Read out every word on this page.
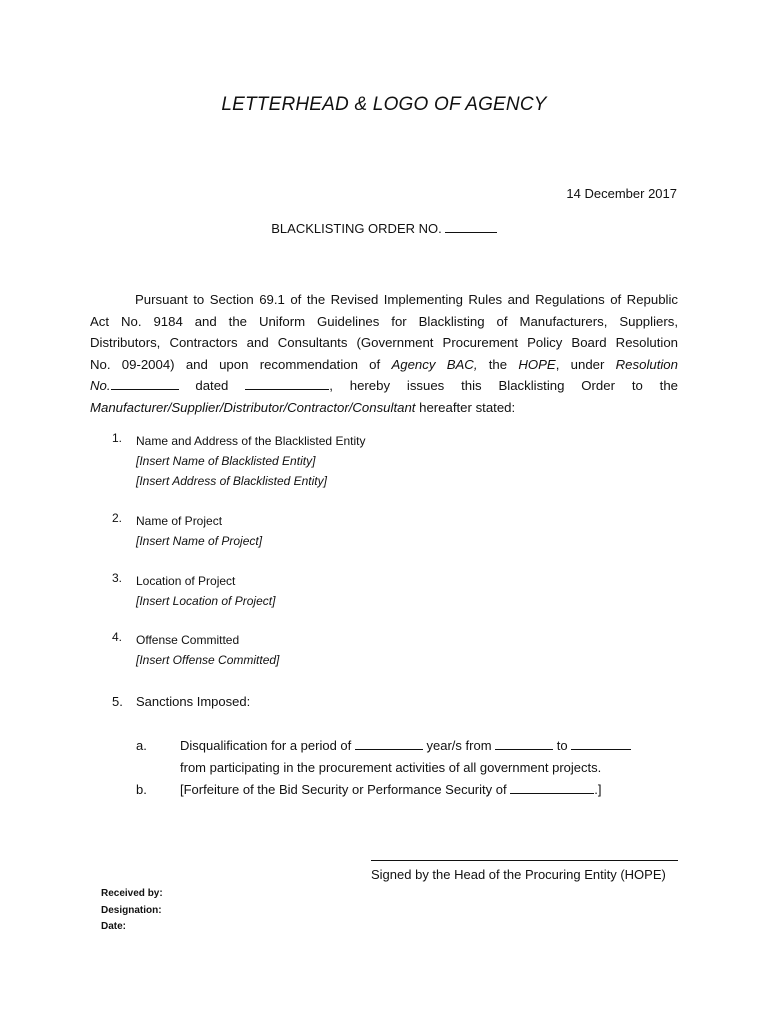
LETTERHEAD & LOGO OF AGENCY
14 December 2017
BLACKLISTING ORDER NO.
Pursuant to Section 69.1 of the Revised Implementing Rules and Regulations of Republic
Act No. 9184 and the Uniform Guidelines for Blacklisting of Manufacturers, Suppliers,
Distributors, Contractors and Consultants (Government Procurement Policy Board Resolution
No. 09-2004) and upon recommendation of Agency BAC, the HOPE, under Resolution
No.	dated	, hereby issues this Blacklisting Order to the
Manufacturer/Supplier/Distributor/Contractor/Consultant hereafter stated:
1.	Name and Address of the Blacklisted Entity
[Insert Name of Blacklisted Entity]
[Insert Address of Blacklisted Entity]
2.	Name of Project
[Insert Name of Project]
3.	Location of Project
[Insert Location of Project]
4.	Offense Committed
[Insert Offense Committed]
5. Sanctions Imposed:
a.	Disqualification for a period of	year/s from	to
from participating in the procurement activities of all government projects.
b.	[Forfeiture of the Bid Security or Performance Security of	.]
Signed by the Head of the Procuring Entity (HOPE)
Received by:
Designation:
Date:
